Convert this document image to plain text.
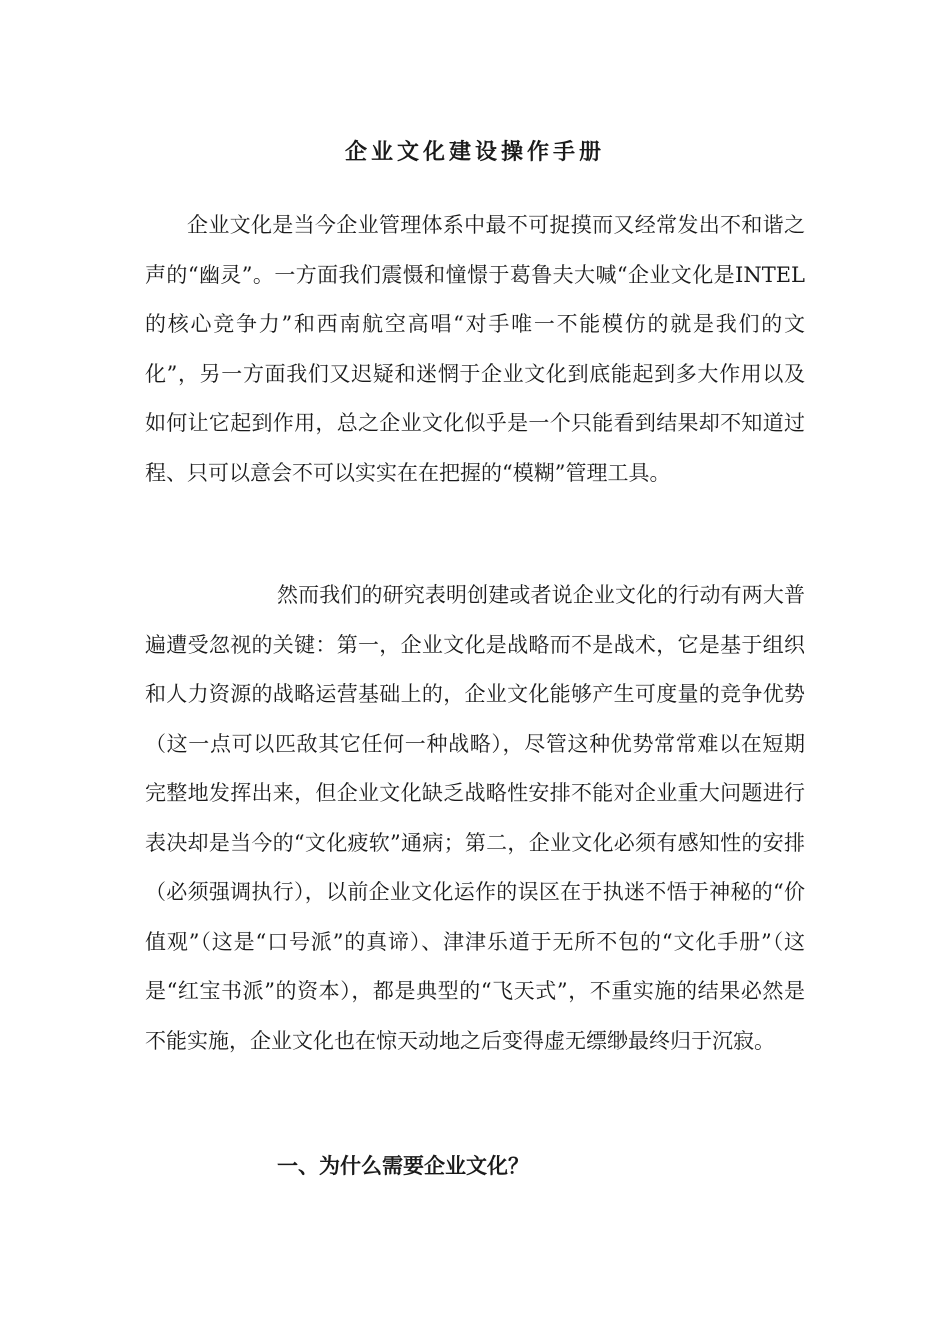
企业文化建设操作手册
企业文化是当今企业管理体系中最不可捉摸而又经常发出不和谐之声的“幽灵”。一方面我们震慑和憧憬于葛鲁夫大喊“企业文化是INTEL的核心竞争力”和西南航空高唱“对手唯一不能模仿的就是我们的文化”，另一方面我们又迟疑和迷惘于企业文化到底能起到多大作用以及如何让它起到作用，总之企业文化似乎是一个只能看到结果却不知道过程、只可以意会不可以实实在在把握的“模糊”管理工具。
然而我们的研究表明创建或者说企业文化的行动有两大普遍遭受忽视的关键：第一，企业文化是战略而不是战术，它是基于组织和人力资源的战略运营基础上的，企业文化能够产生可度量的竞争优势（这一点可以匹敌其它任何一种战略），尽管这种优势常常难以在短期完整地发挥出来，但企业文化缺乏战略性安排不能对企业重大问题进行表决却是当今的“文化疲软”通病；第二，企业文化必须有感知性的安排（必须强调执行），以前企业文化运作的误区在于执迷不悟于神秘的“价值观”（这是“口号派”的真谛）、津津乐道于无所不包的“文化手册”（这是“红宝书派”的资本），都是典型的“飞天式”，不重实施的结果必然是不能实施，企业文化也在惊天动地之后变得虚无缥缈最终归于沉寂。
一、为什么需要企业文化？
